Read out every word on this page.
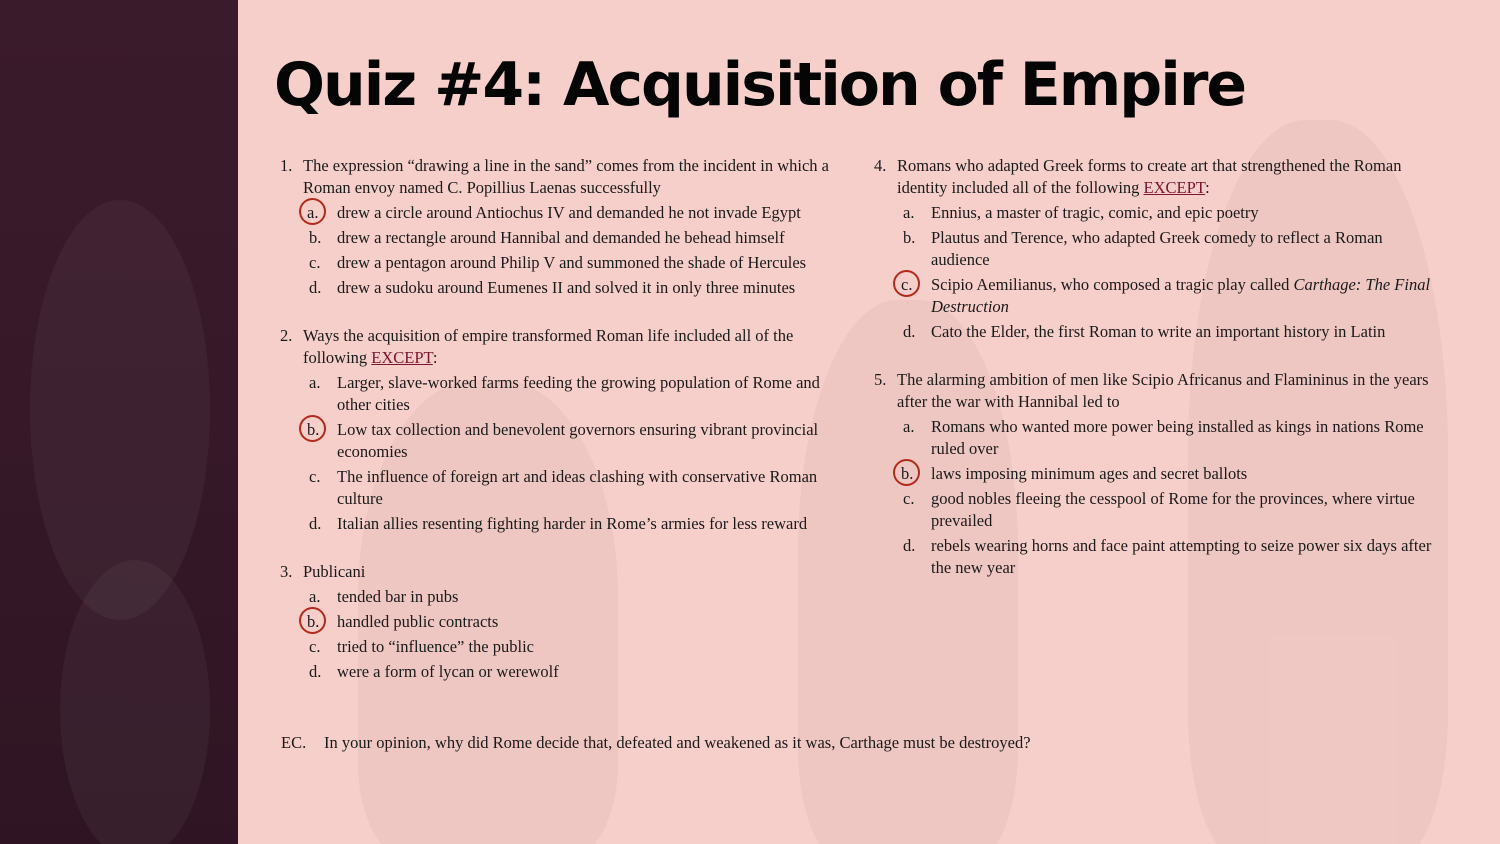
Quiz #4: Acquisition of Empire
1. The expression “drawing a line in the sand” comes from the incident in which a Roman envoy named C. Popillius Laenas successfully
a. drew a circle around Antiochus IV and demanded he not invade Egypt
b. drew a rectangle around Hannibal and demanded he behead himself
c. drew a pentagon around Philip V and summoned the shade of Hercules
d. drew a sudoku around Eumenes II and solved it in only three minutes
2. Ways the acquisition of empire transformed Roman life included all of the following EXCEPT:
a. Larger, slave-worked farms feeding the growing population of Rome and other cities
b. Low tax collection and benevolent governors ensuring vibrant provincial economies
c. The influence of foreign art and ideas clashing with conservative Roman culture
d. Italian allies resenting fighting harder in Rome’s armies for less reward
3. Publicani
a. tended bar in pubs
b. handled public contracts
c. tried to “influence” the public
d. were a form of lycan or werewolf
4. Romans who adapted Greek forms to create art that strengthened the Roman identity included all of the following EXCEPT:
a. Ennius, a master of tragic, comic, and epic poetry
b. Plautus and Terence, who adapted Greek comedy to reflect a Roman audience
c. Scipio Aemilianus, who composed a tragic play called Carthage: The Final Destruction
d. Cato the Elder, the first Roman to write an important history in Latin
5. The alarming ambition of men like Scipio Africanus and Flamininus in the years after the war with Hannibal led to
a. Romans who wanted more power being installed as kings in nations Rome ruled over
b. laws imposing minimum ages and secret ballots
c. good nobles fleeing the cesspool of Rome for the provinces, where virtue prevailed
d. rebels wearing horns and face paint attempting to seize power six days after the new year
EC.	In your opinion, why did Rome decide that, defeated and weakened as it was, Carthage must be destroyed?
